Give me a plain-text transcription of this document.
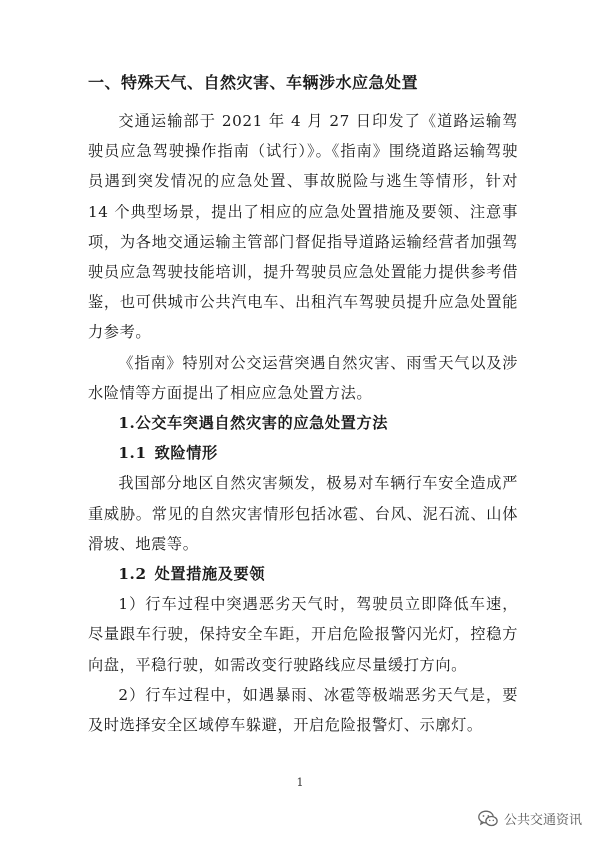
一、特殊天气、自然灾害、车辆涉水应急处置

交通运输部于 2021 年 4 月 27 日印发了《道路运输驾驶员应急驾驶操作指南（试行）》。《指南》围绕道路运输驾驶员遇到突发情况的应急处置、事故脱险与逃生等情形，针对 14 个典型场景，提出了相应的应急处置措施及要领、注意事项，为各地交通运输主管部门督促指导道路运输经营者加强驾驶员应急驾驶技能培训，提升驾驶员应急处置能力提供参考借鉴，也可供城市公共汽电车、出租汽车驾驶员提升应急处置能力参考。

《指南》特别对公交运营突遇自然灾害、雨雪天气以及涉水险情等方面提出了相应应急处置方法。

1.公交车突遇自然灾害的应急处置方法
1.1 致险情形

我国部分地区自然灾害频发，极易对车辆行车安全造成严重威胁。常见的自然灾害情形包括冰雹、台风、泥石流、山体滑坡、地震等。

1.2 处置措施及要领

1）行车过程中突遇恶劣天气时，驾驶员立即降低车速，尽量跟车行驶，保持安全车距，开启危险报警闪光灯，控稳方向盘，平稳行驶，如需改变行驶路线应尽量缓打方向。

2）行车过程中，如遇暴雨、冰雹等极端恶劣天气是，要及时选择安全区域停车躲避，开启危险报警灯、示廓灯。

1
公共交通资讯
